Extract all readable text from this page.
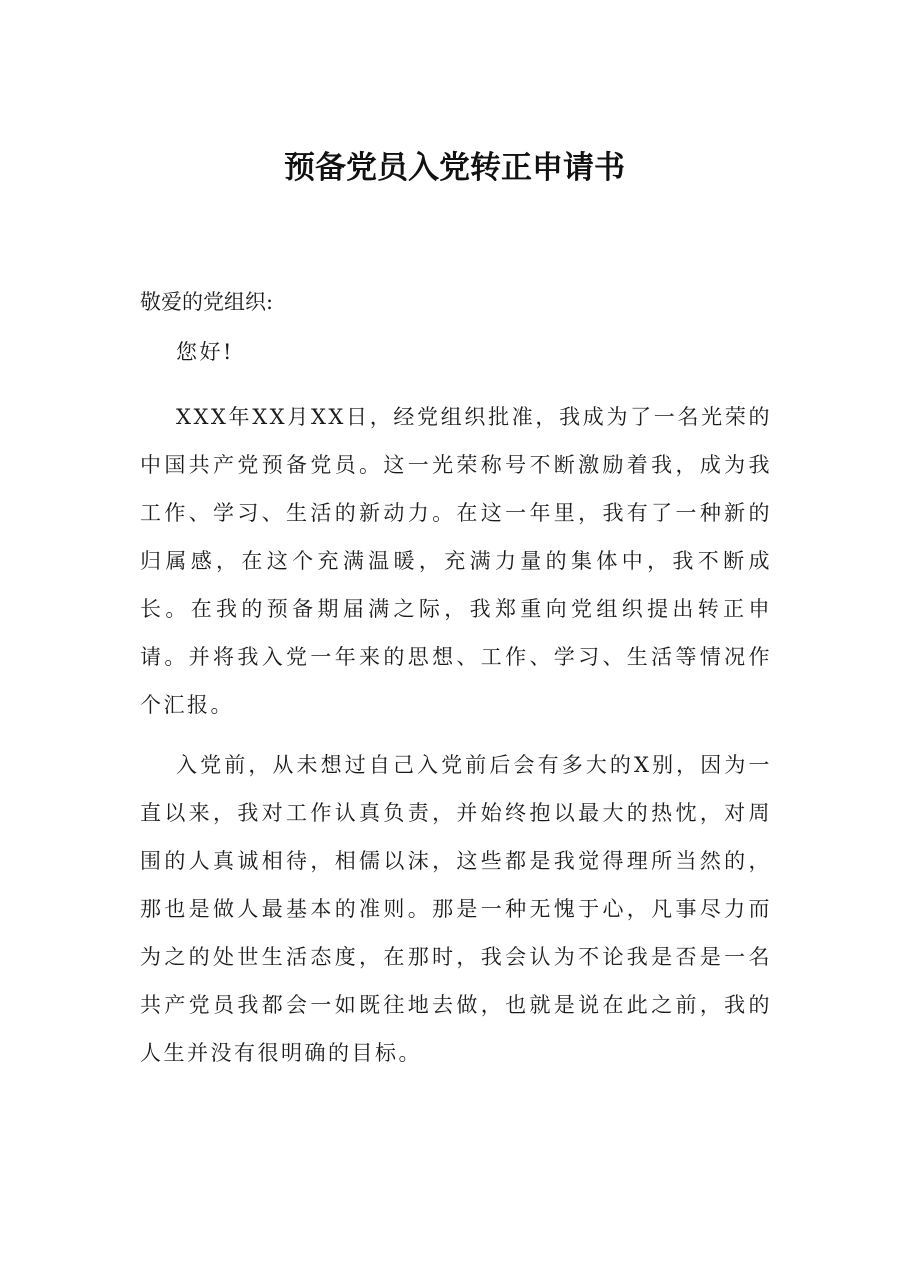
预备党员入党转正申请书

敬爱的党组织:

您好!

XXX年XX月XX日，经党组织批准，我成为了一名光荣的中国共产党预备党员。这一光荣称号不断激励着我，成为我工作、学习、生活的新动力。在这一年里，我有了一种新的归属感，在这个充满温暖，充满力量的集体中，我不断成长。在我的预备期届满之际，我郑重向党组织提出转正申请。并将我入党一年来的思想、工作、学习、生活等情况作个汇报。

入党前，从未想过自己入党前后会有多大的X别，因为一直以来，我对工作认真负责，并始终抱以最大的热忱，对周围的人真诚相待，相儒以沫，这些都是我觉得理所当然的，那也是做人最基本的准则。那是一种无愧于心，凡事尽力而为之的处世生活态度，在那时，我会认为不论我是否是一名共产党员我都会一如既往地去做，也就是说在此之前，我的人生并没有很明确的目标。
